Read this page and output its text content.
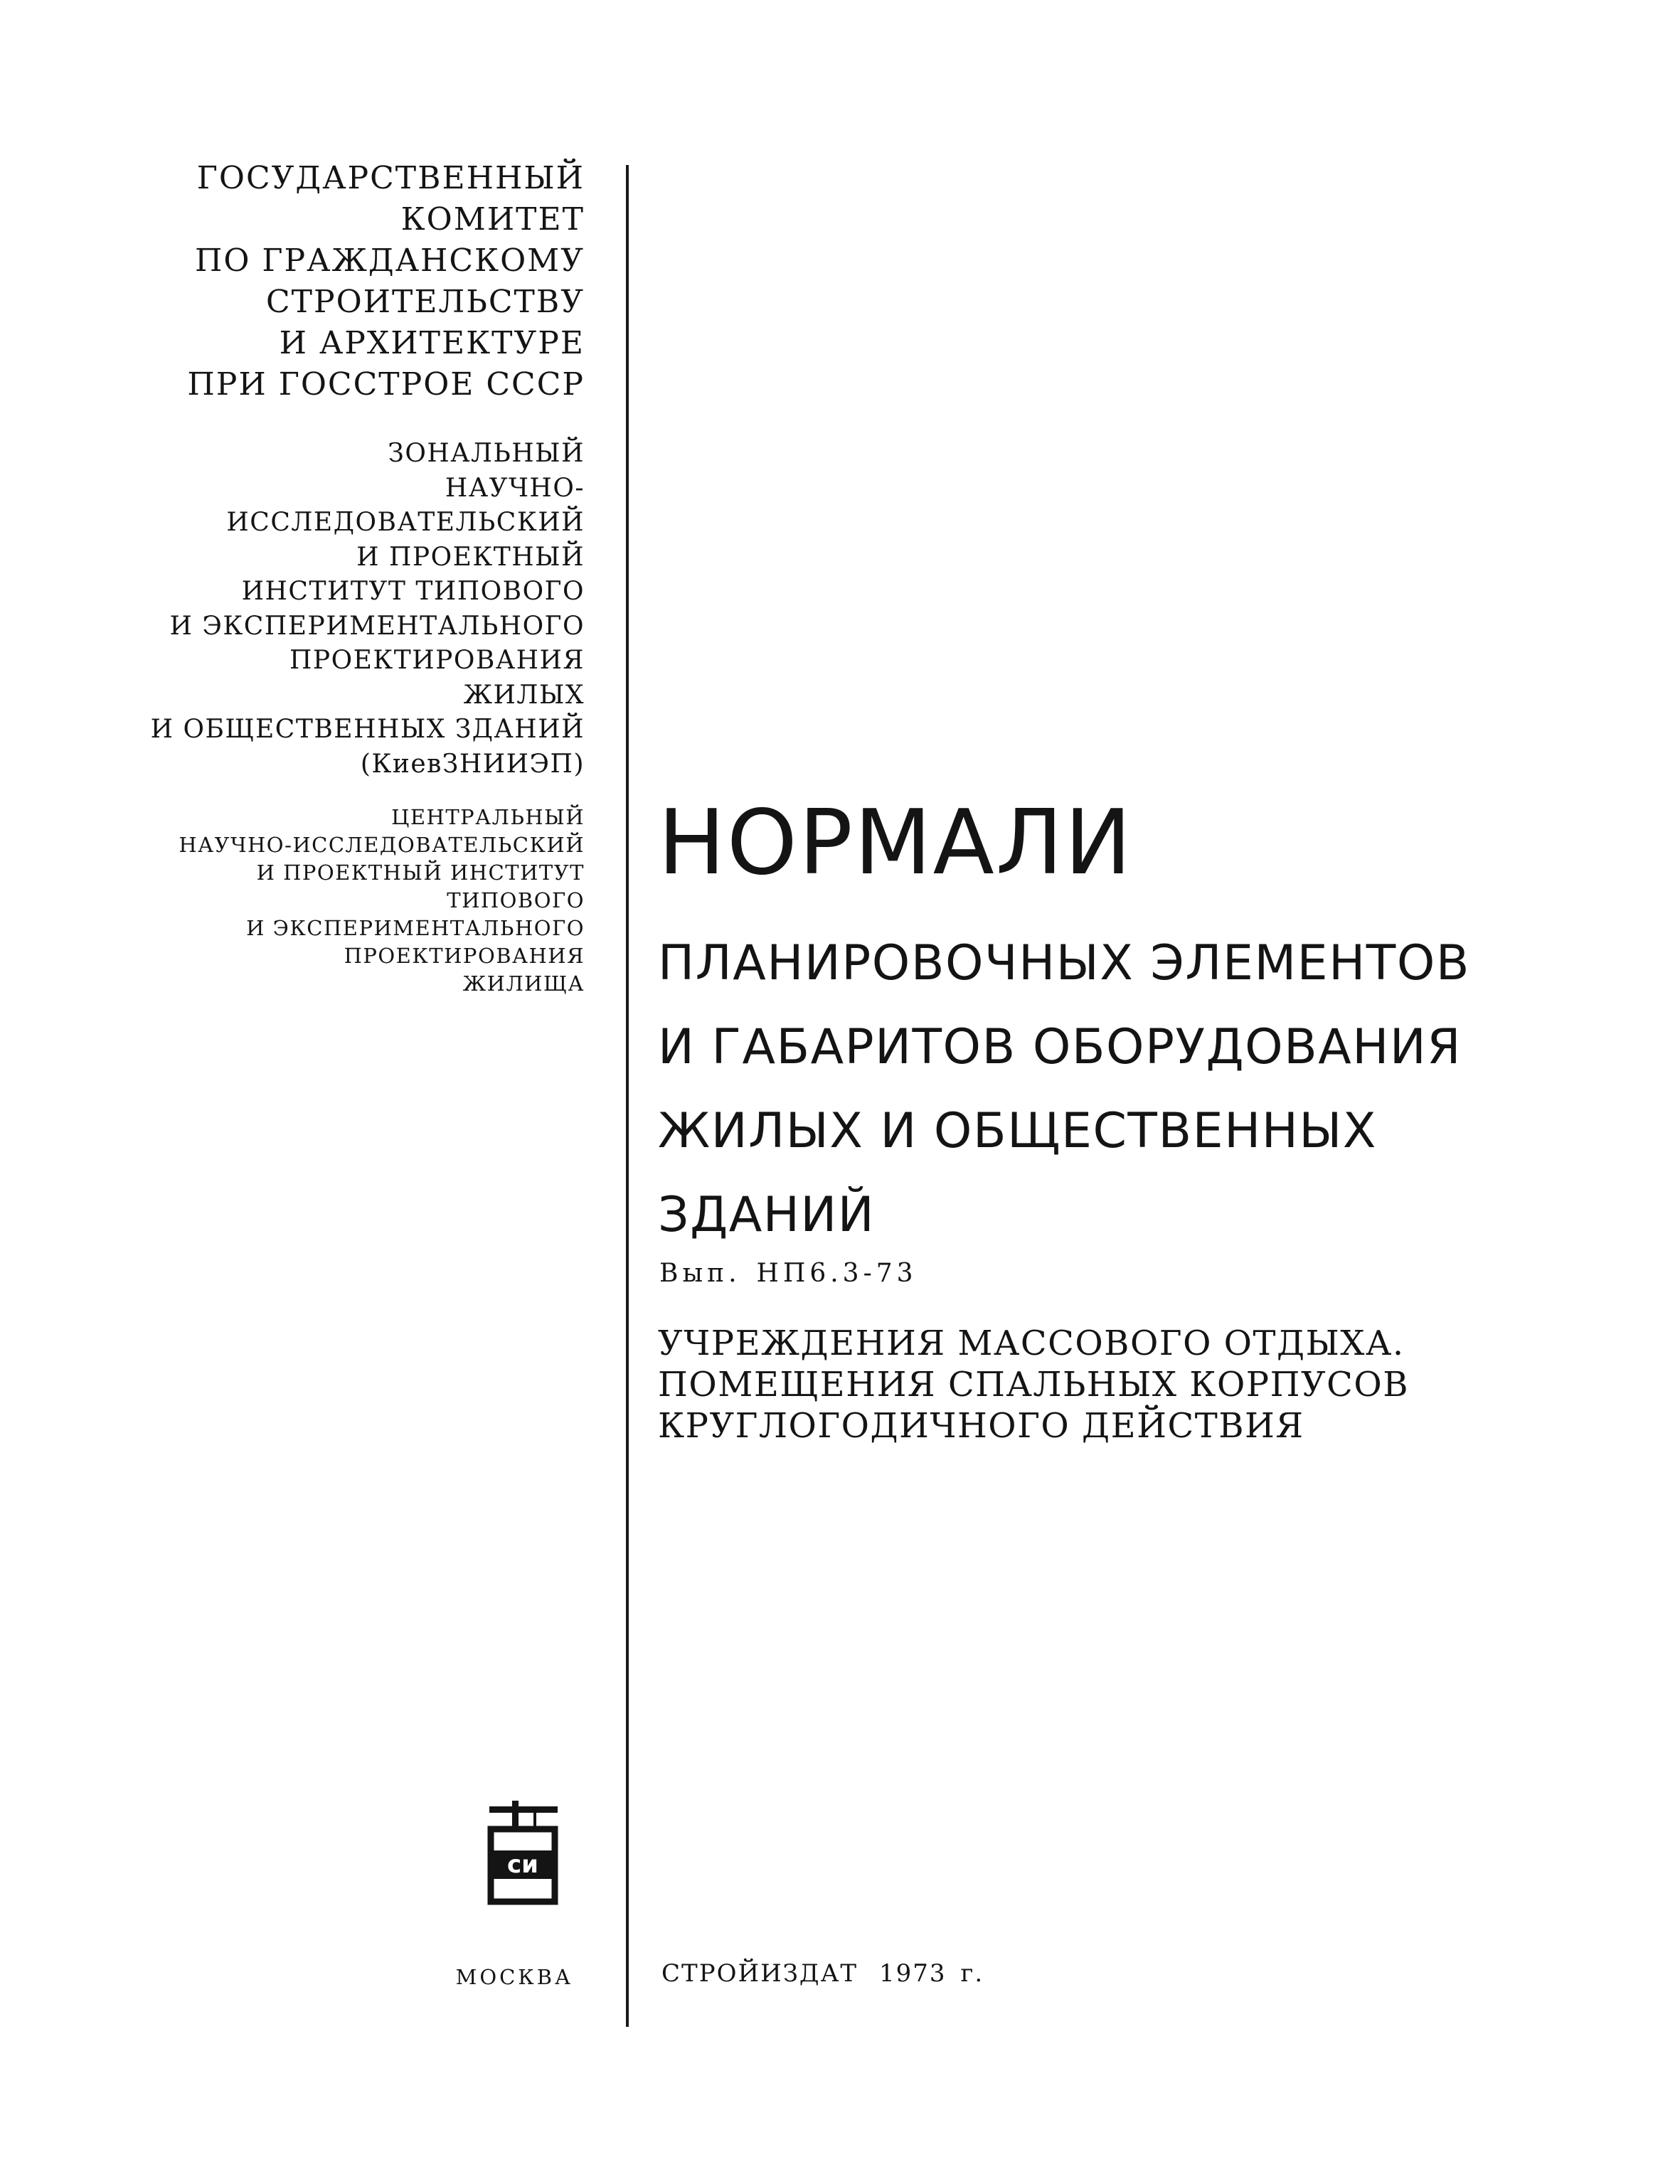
ГОСУДАРСТВЕННЫЙ
КОМИТЕТ
ПО ГРАЖДАНСКОМУ
СТРОИТЕЛЬСТВУ
И АРХИТЕКТУРЕ
ПРИ ГОССТРОЕ СССР
ЗОНАЛЬНЫЙ
НАУЧНО-
ИССЛЕДОВАТЕЛЬСКИЙ
И ПРОЕКТНЫЙ
ИНСТИТУТ ТИПОВОГО
И ЭКСПЕРИМЕНТАЛЬНОГО
ПРОЕКТИРОВАНИЯ
ЖИЛЫХ
И ОБЩЕСТВЕННЫХ ЗДАНИЙ
(КиевЗНИИЭП)
ЦЕНТРАЛЬНЫЙ
НАУЧНО-ИССЛЕДОВАТЕЛЬСКИЙ
И ПРОЕКТНЫЙ ИНСТИТУТ
ТИПОВОГО
И ЭКСПЕРИМЕНТАЛЬНОГО
ПРОЕКТИРОВАНИЯ
ЖИЛИЩА
НОРМАЛИ
ПЛАНИРОВОЧНЫХ ЭЛЕМЕНТОВ
И ГАБАРИТОВ ОБОРУДОВАНИЯ
ЖИЛЫХ И ОБЩЕСТВЕННЫХ
ЗДАНИЙ
Вып. НП6.3-73
УЧРЕЖДЕНИЯ МАССОВОГО ОТДЫХА.
ПОМЕЩЕНИЯ СПАЛЬНЫХ КОРПУСОВ
КРУГЛОГОДИЧНОГО ДЕЙСТВИЯ
си
МОСКВА	СТРОЙИЗДАТ 1973 г.
